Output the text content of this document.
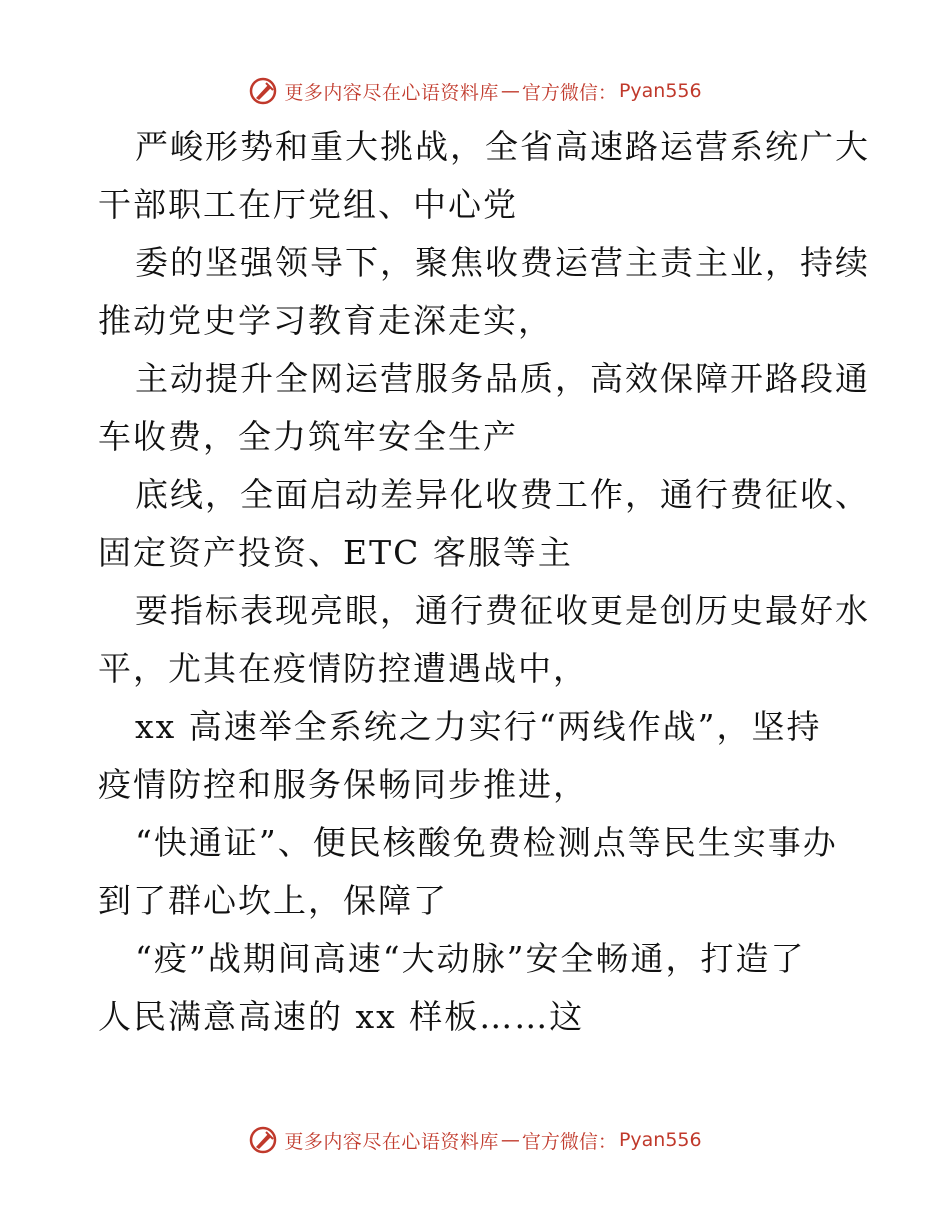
更多内容尽在心语资料库 — 官方微信： Pyan556

严峻形势和重大挑战，全省高速路运营系统广大
干部职工在厅党组、中心党

委的坚强领导下，聚焦收费运营主责主业，持续
推动党史学习教育走深走实，

主动提升全网运营服务品质，高效保障开路段通
车收费，全力筑牢安全生产

底线，全面启动差异化收费工作，通行费征收、
固定资产投资、ETC 客服等主

要指标表现亮眼，通行费征收更是创历史最好水
平，尤其在疫情防控遭遇战中，

xx 高速举全系统之力实行“两线作战”，坚持
疫情防控和服务保畅同步推进，

“快通证”、便民核酸免费检测点等民生实事办
到了群心坎上，保障了

“疫”战期间高速“大动脉”安全畅通，打造了
人民满意高速的 xx 样板……这

更多内容尽在心语资料库 — 官方微信： Pyan556
